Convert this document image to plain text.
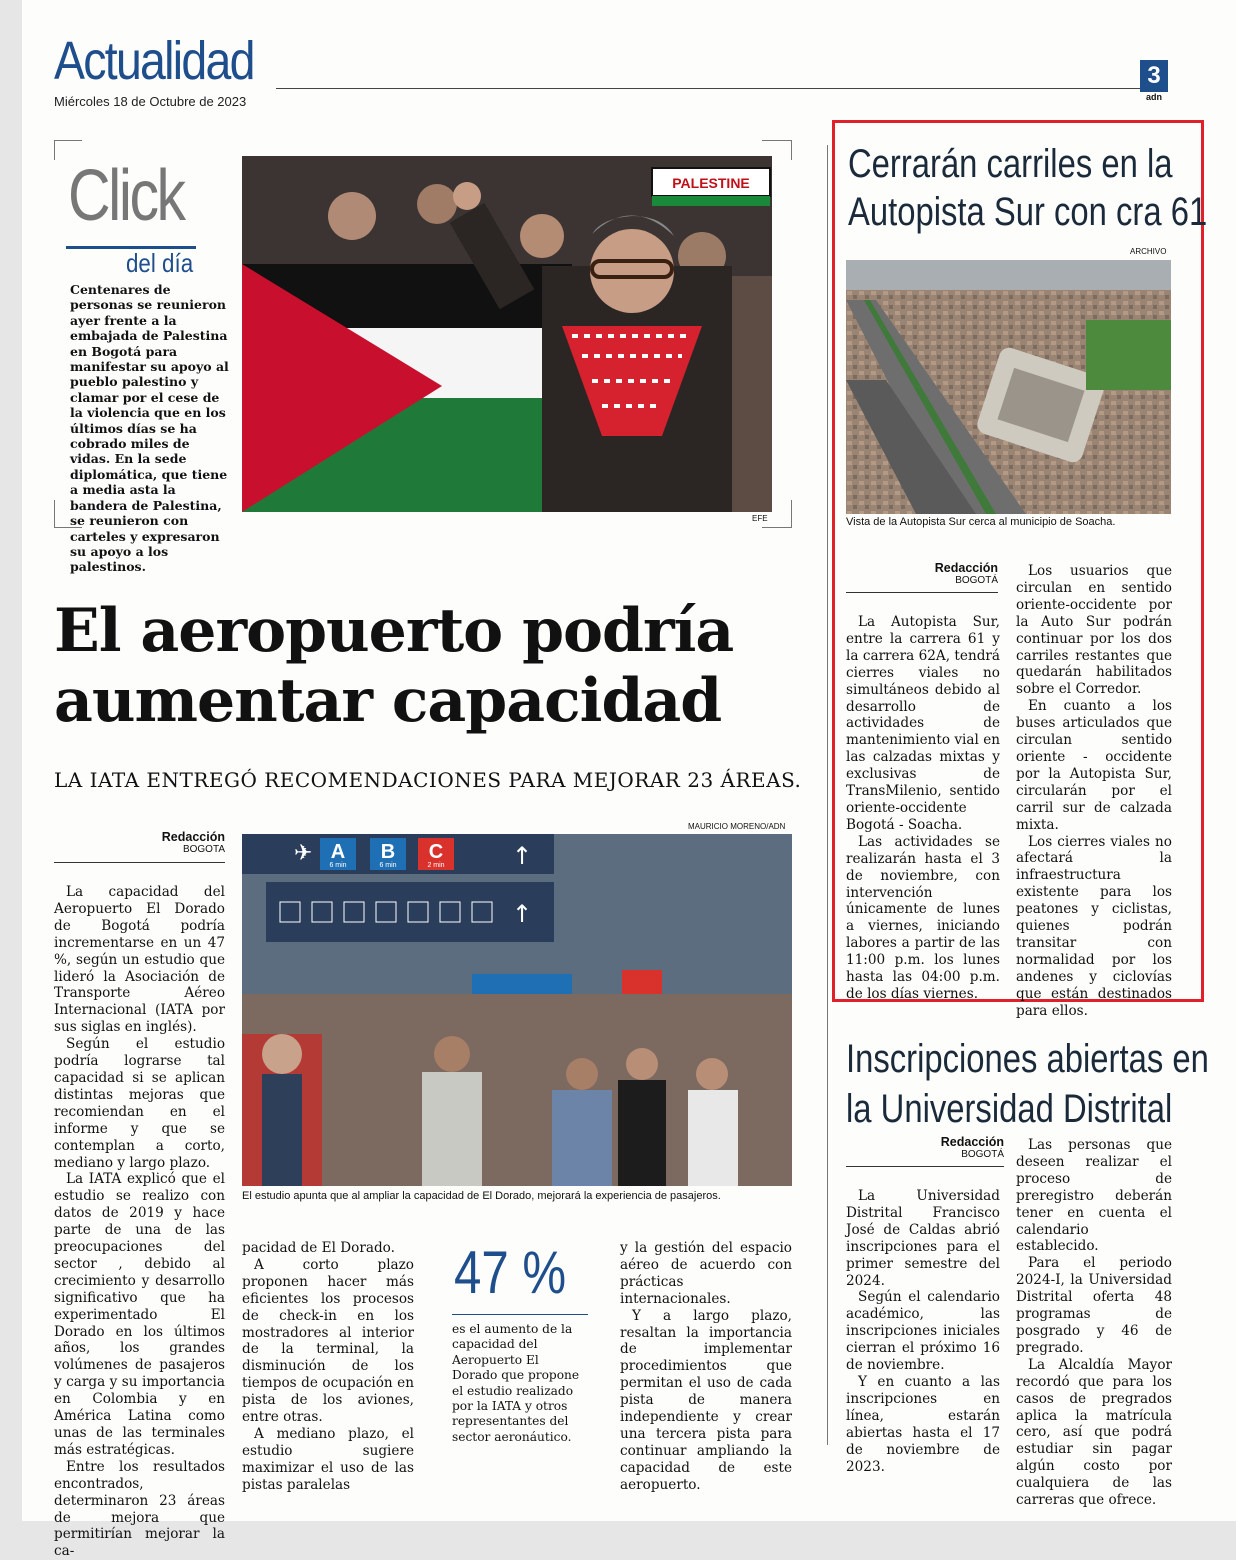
Actualidad
Miércoles 18 de Octubre de 2023
3
adn
Click
del día
Centenares de personas se reunieron ayer frente a la embajada de Palestina en Bogotá para manifestar su apoyo al pueblo palestino y clamar por el cese de la violencia que en los últimos días se ha cobrado miles de vidas. En la sede diplomática, que tiene a media asta la bandera de Palestina, se reunieron con carteles y expresaron su apoyo a los palestinos.
PALESTINE
EFE
El aeropuerto podría aumentar capacidad
LA IATA ENTREGÓ RECOMENDACIONES PARA MEJORAR 23 ÁREAS.
Redacción
BOGOTA

La capacidad del Aeropuerto El Dorado de Bogotá podría incrementarse en un 47 %, según un estudio que lideró la Asociación de Transporte Aéreo Internacional (IATA por sus siglas en inglés).

Según el estudio podría lograrse tal capacidad si se aplican distintas mejoras que recomiendan en el informe y que se contemplan a corto, mediano y largo plazo.

La IATA explicó que el estudio se realizo con datos de 2019 y hace parte de una de las preocupaciones del sector , debido al crecimiento y desarrollo significativo que ha experimentado El Dorado en los últimos años, los grandes volúmenes de pasajeros y carga y su importancia en Colombia y en América Latina como unas de las terminales más estratégicas.

Entre los resultados encontrados, determinaron 23 áreas de mejora que permitirían mejorar la ca-

MAURICIO MORENO/ADN
✈ A
6 min
B
6 min
C
2 min	↑
↑
El estudio apunta que al ampliar la capacidad de El Dorado, mejorará la experiencia de pasajeros.

pacidad de El Dorado.

A corto plazo proponen hacer más eficientes los procesos de check-in en los mostradores al interior de la terminal, la disminución de los tiempos de ocupación en pista de los aviones, entre otras.

A mediano plazo, el estudio sugiere maximizar el uso de las pistas paralelas

47 %
es el aumento de la capacidad del Aeropuerto El Dorado que propone el estudio realizado por la IATA y otros representantes del sector aeronáutico.

y la gestión del espacio aéreo de acuerdo con prácticas internacionales.

Y a largo plazo, resaltan la importancia de implementar procedimientos que permitan el uso de cada pista de manera independiente y crear una tercera pista para continuar ampliando la capacidad de este aeropuerto.

Cerrarán carriles en la
Autopista Sur con cra 61
ARCHIVO
Vista de la Autopista Sur cerca al municipio de Soacha.
Redacción
BOGOTÁ

La Autopista Sur, entre la carrera 61 y la carrera 62A, tendrá cierres viales no simultáneos debido al desarrollo de actividades de mantenimiento vial en las calzadas mixtas y exclusivas de TransMilenio, sentido oriente-occidente Bogotá - Soacha.

Las actividades se realizarán hasta el 3 de noviembre, con intervención únicamente de lunes a viernes, iniciando labores a partir de las 11:00 p.m. los lunes hasta las 04:00 p.m. de los días viernes.

Los usuarios que circulan en sentido oriente-occidente por la Auto Sur podrán continuar por los dos carriles restantes que quedarán habilitados sobre el Corredor.

En cuanto a los buses articulados que circulan sentido oriente - occidente por la Autopista Sur, circularán por el carril sur de calzada mixta.

Los cierres viales no afectará la infraestructura existente para los peatones y ciclistas, quienes podrán transitar con normalidad por los andenes y ciclovías que están destinados para ellos.

Inscripciones abiertas en
la Universidad Distrital
Redacción
BOGOTÁ

La Universidad Distrital Francisco José de Caldas abrió inscripciones para el primer semestre del 2024.

Según el calendario académico, las inscripciones iniciales cierran el próximo 16 de noviembre.

Y en cuanto a las inscripciones en línea, estarán abiertas hasta el 17 de noviembre de 2023.

Las personas que deseen realizar el proceso de preregistro deberán tener en cuenta el calendario establecido.

Para el periodo 2024-I, la Universidad Distrital oferta 48 programas de posgrado y 46 de pregrado.

La Alcaldía Mayor recordó que para los casos de pregrados aplica la matrícula cero, así que podrá estudiar sin pagar algún costo por cualquiera de las carreras que ofrece.
